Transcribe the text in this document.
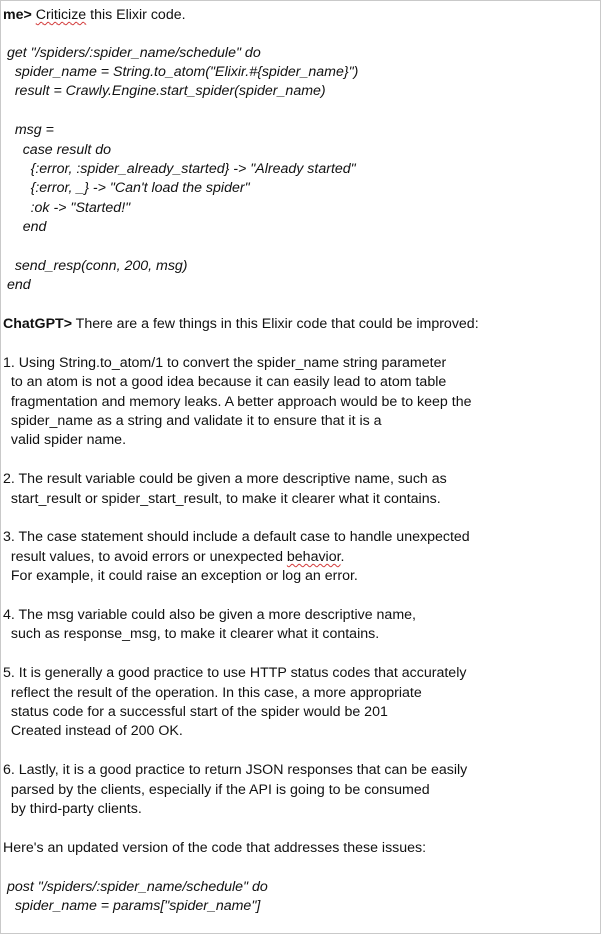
me> Criticize this Elixir code.
get "/spiders/:spider_name/schedule" do
spider_name = String.to_atom("Elixir.#{spider_name}")
result = Crawly.Engine.start_spider(spider_name)
msg =
case result do
{:error, :spider_already_started} -> "Already started"
{:error, _} -> "Can't load the spider"
:ok -> "Started!"
end
send_resp(conn, 200, msg)
end
ChatGPT> There are a few things in this Elixir code that could be improved:
1. Using String.to_atom/1 to convert the spider_name string parameter
to an atom is not a good idea because it can easily lead to atom table
fragmentation and memory leaks. A better approach would be to keep the
spider_name as a string and validate it to ensure that it is a
valid spider name.
2. The result variable could be given a more descriptive name, such as
start_result or spider_start_result, to make it clearer what it contains.
3. The case statement should include a default case to handle unexpected
result values, to avoid errors or unexpected behavior.
For example, it could raise an exception or log an error.
4. The msg variable could also be given a more descriptive name,
such as response_msg, to make it clearer what it contains.
5. It is generally a good practice to use HTTP status codes that accurately
reflect the result of the operation. In this case, a more appropriate
status code for a successful start of the spider would be 201
Created instead of 200 OK.
6. Lastly, it is a good practice to return JSON responses that can be easily
parsed by the clients, especially if the API is going to be consumed
by third-party clients.
Here's an updated version of the code that addresses these issues:
post "/spiders/:spider_name/schedule" do
spider_name = params["spider_name"]
